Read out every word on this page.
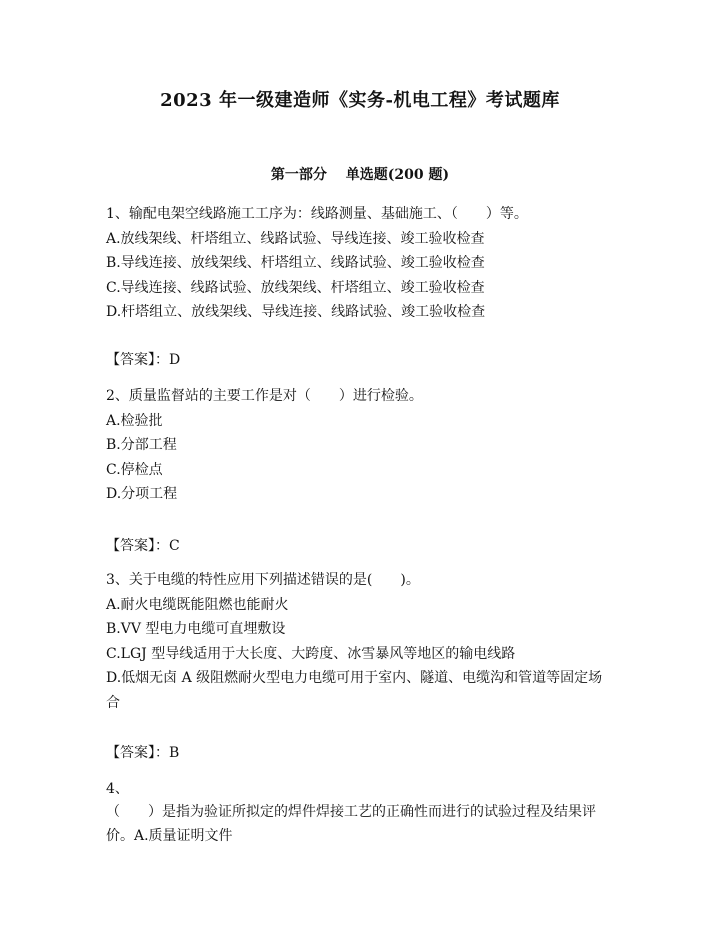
2023 年一级建造师《实务-机电工程》考试题库
第一部分　 单选题(200 题)
1、输配电架空线路施工工序为：线路测量、基础施工、（　　）等。
A.放线架线、杆塔组立、线路试验、导线连接、竣工验收检查
B.导线连接、放线架线、杆塔组立、线路试验、竣工验收检查
C.导线连接、线路试验、放线架线、杆塔组立、竣工验收检查
D.杆塔组立、放线架线、导线连接、线路试验、竣工验收检查
【答案】：D
2、质量监督站的主要工作是对（　　）进行检验。
A.检验批
B.分部工程
C.停检点
D.分项工程
【答案】：C
3、关于电缆的特性应用下列描述错误的是(　　)。
A.耐火电缆既能阻燃也能耐火
B.VV 型电力电缆可直埋敷设
C.LGJ 型导线适用于大长度、大跨度、冰雪暴风等地区的输电线路
D.低烟无卤 A 级阻燃耐火型电力电缆可用于室内、隧道、电缆沟和管道等固定场合
【答案】：B
4、
（　　）是指为验证所拟定的焊件焊接工艺的正确性而进行的试验过程及结果评价。A.质量证明文件
